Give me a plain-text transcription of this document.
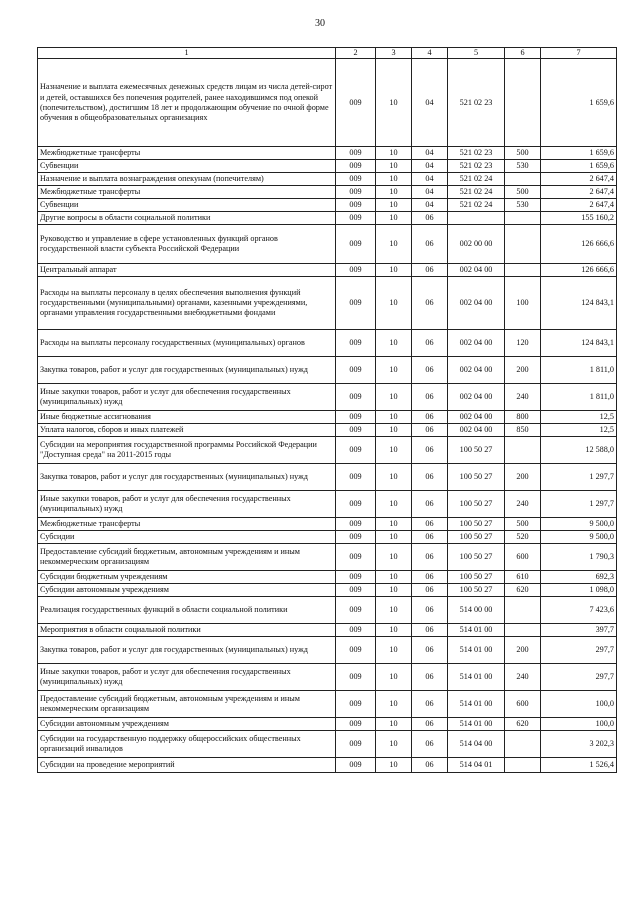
30
1	2	3	4	5	6	7
Назначение и выплата ежемесячных денежных средств лицам из числа детей-сирот и детей, оставшихся без попечения родителей, ранее находившимся под опекой (попечительством), достигшим 18 лет и продолжающим обучение по очной форме обучения в общеобразовательных организациях	009	10	04	521 02 23		1 659,6
Межбюджетные трансферты	009	10	04	521 02 23	500	1 659,6
Субвенции	009	10	04	521 02 23	530	1 659,6
Назначение и выплата вознаграждения опекунам (попечителям)	009	10	04	521 02 24		2 647,4
Межбюджетные трансферты	009	10	04	521 02 24	500	2 647,4
Субвенции	009	10	04	521 02 24	530	2 647,4
Другие вопросы в области социальной политики	009	10	06			155 160,2
Руководство и управление в сфере установленных функций органов государственной власти субъекта Российской Федерации	009	10	06	002 00 00		126 666,6
Центральный аппарат	009	10	06	002 04 00		126 666,6
Расходы на выплаты персоналу в целях обеспечения выполнения функций государственными (муниципальными) органами, казенными учреждениями, органами управления государственными внебюджетными фондами	009	10	06	002 04 00	100	124 843,1
Расходы на выплаты персоналу государственных (муниципальных) органов	009	10	06	002 04 00	120	124 843,1
Закупка товаров, работ и услуг для государственных (муниципальных) нужд	009	10	06	002 04 00	200	1 811,0
Иные закупки товаров, работ и услуг для обеспечения государственных (муниципальных) нужд	009	10	06	002 04 00	240	1 811,0
Иные бюджетные ассигнования	009	10	06	002 04 00	800	12,5
Уплата налогов, сборов и иных платежей	009	10	06	002 04 00	850	12,5
Субсидии на мероприятия государственной программы Российской Федерации "Доступная среда" на 2011-2015 годы	009	10	06	100 50 27		12 588,0
Закупка товаров, работ и услуг для государственных (муниципальных) нужд	009	10	06	100 50 27	200	1 297,7
Иные закупки товаров, работ и услуг для обеспечения государственных (муниципальных) нужд	009	10	06	100 50 27	240	1 297,7
Межбюджетные трансферты	009	10	06	100 50 27	500	9 500,0
Субсидии	009	10	06	100 50 27	520	9 500,0
Предоставление субсидий бюджетным, автономным учреждениям и иным некоммерческим организациям	009	10	06	100 50 27	600	1 790,3
Субсидии бюджетным учреждениям	009	10	06	100 50 27	610	692,3
Субсидии автономным учреждениям	009	10	06	100 50 27	620	1 098,0
Реализация государственных функций в области социальной политики	009	10	06	514 00 00		7 423,6
Мероприятия в области социальной политики	009	10	06	514 01 00		397,7
Закупка товаров, работ и услуг для государственных (муниципальных) нужд	009	10	06	514 01 00	200	297,7
Иные закупки товаров, работ и услуг для обеспечения государственных (муниципальных) нужд	009	10	06	514 01 00	240	297,7
Предоставление субсидий бюджетным, автономным учреждениям и иным некоммерческим организациям	009	10	06	514 01 00	600	100,0
Субсидии автономным учреждениям	009	10	06	514 01 00	620	100,0
Субсидии на государственную поддержку общероссийских общественных организаций инвалидов	009	10	06	514 04 00		3 202,3
Субсидии на проведение мероприятий	009	10	06	514 04 01		1 526,4
